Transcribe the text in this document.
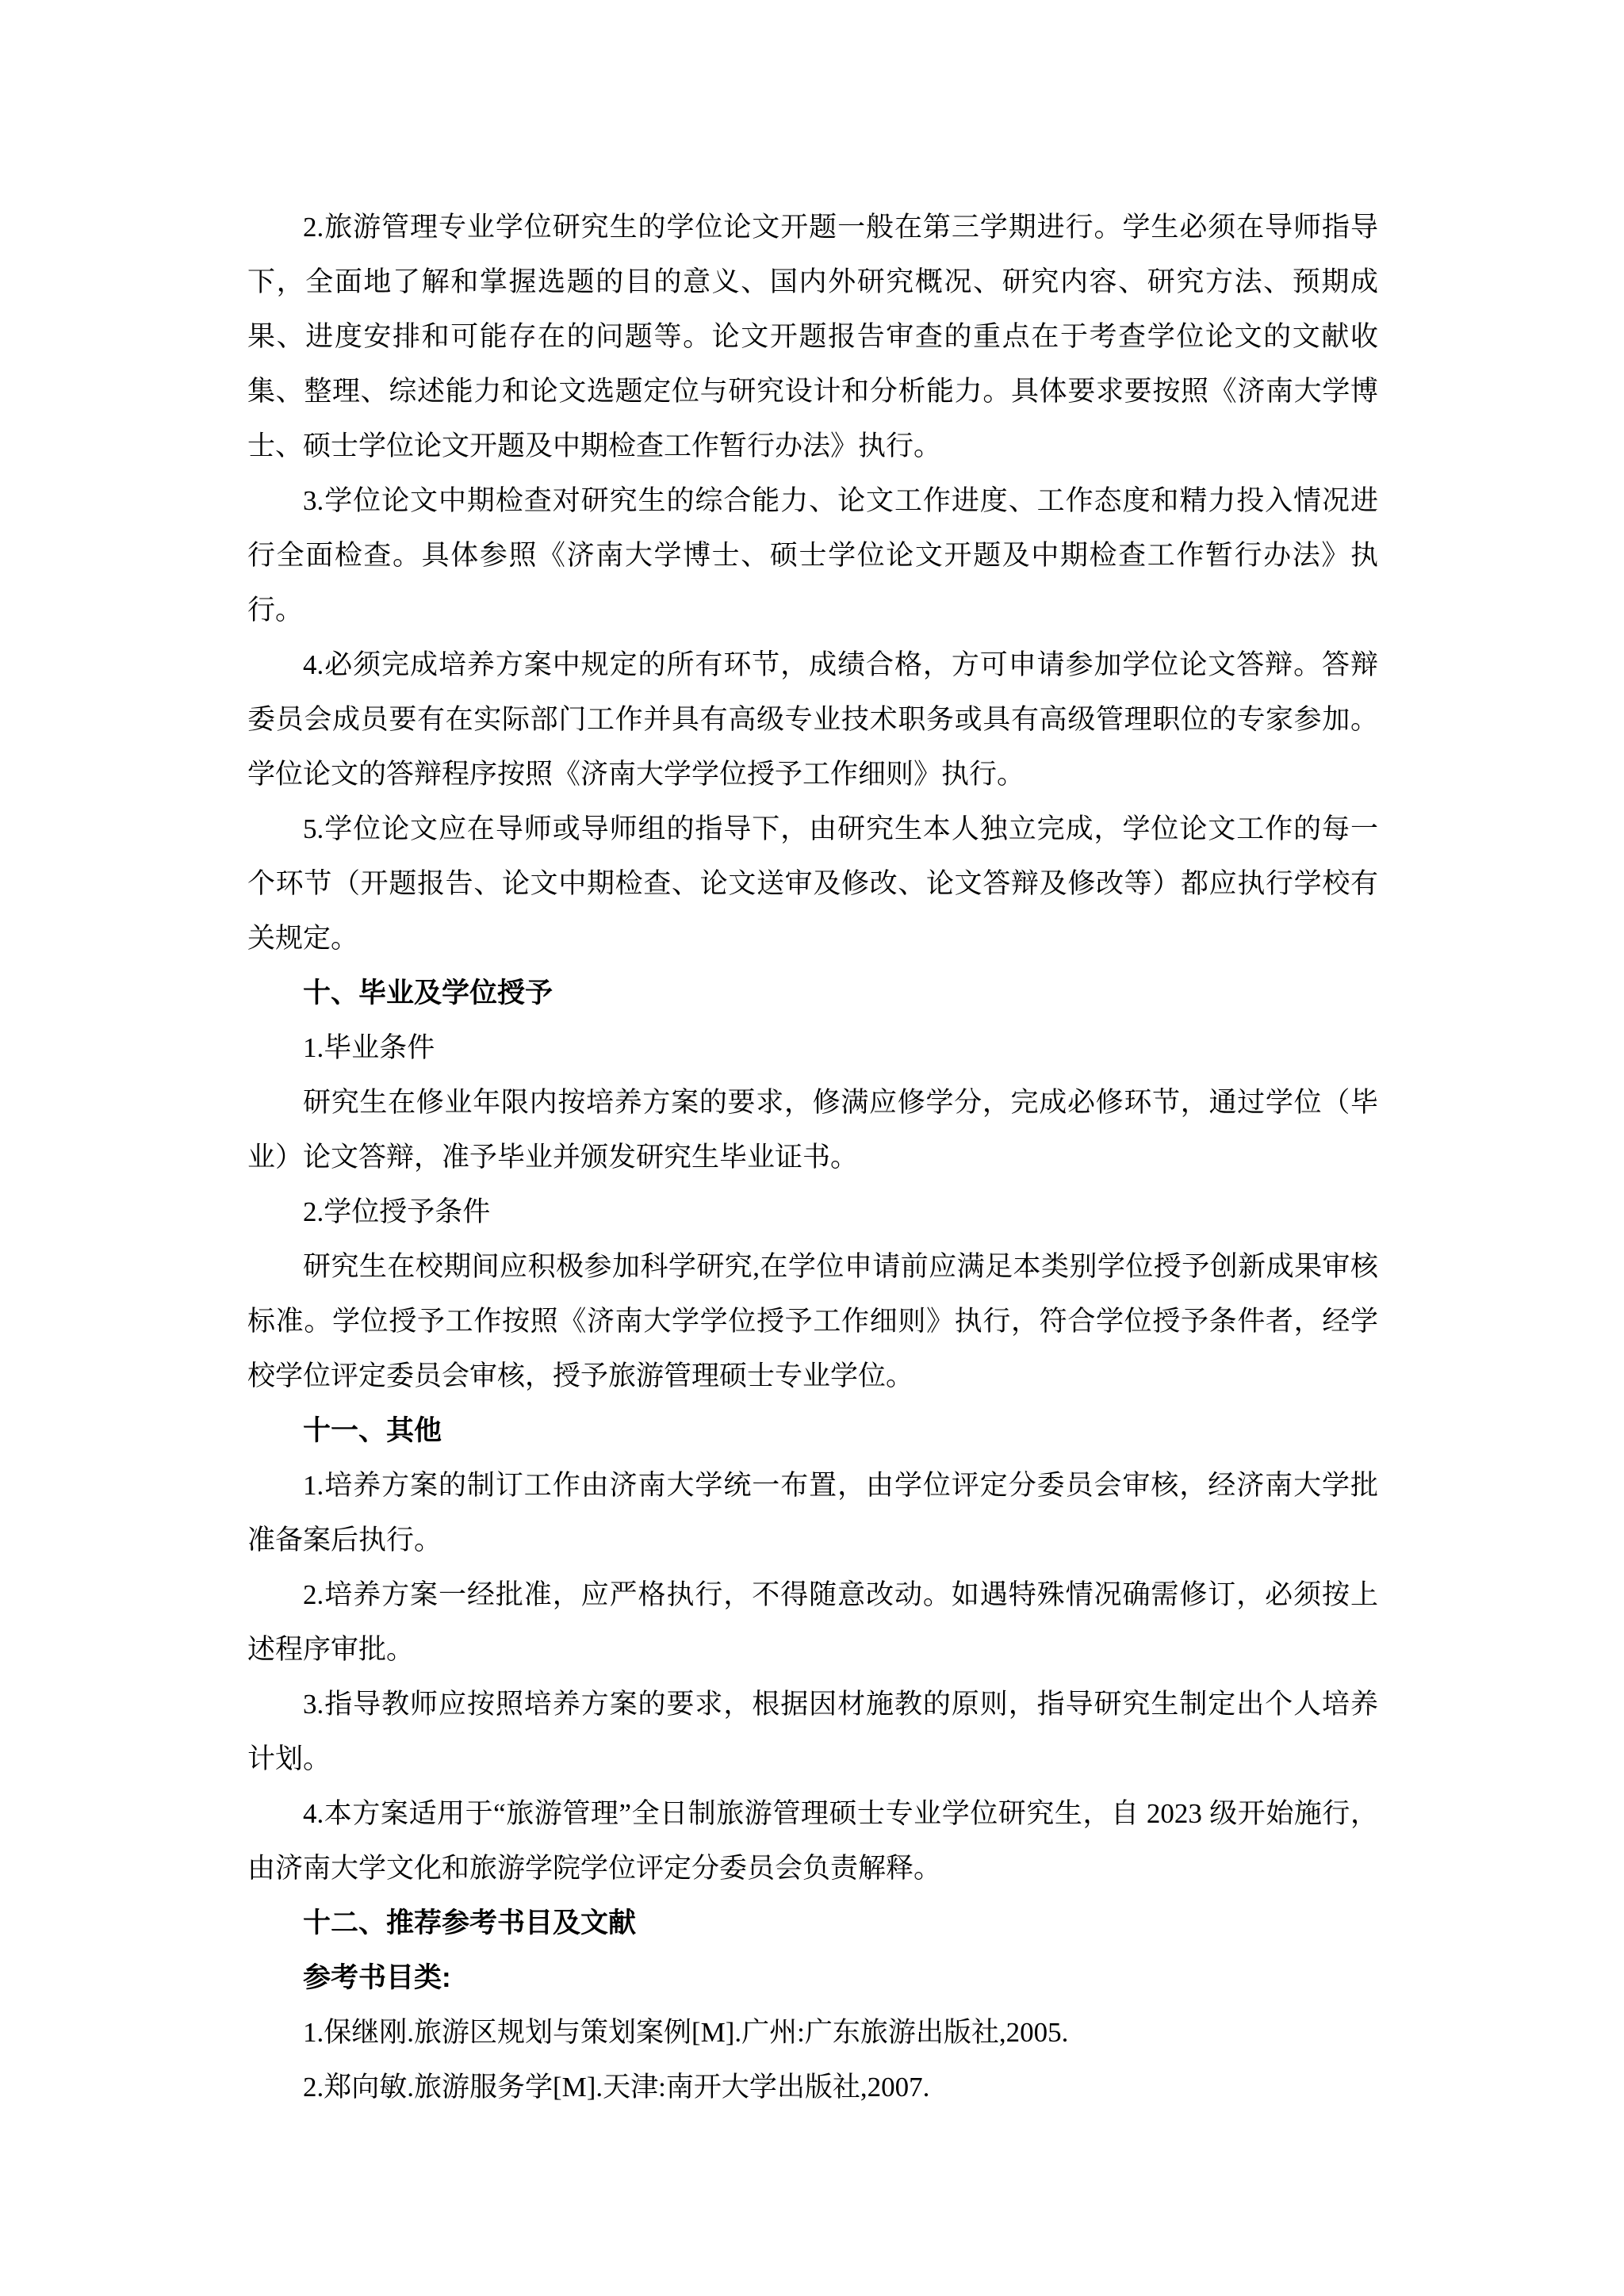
2.旅游管理专业学位研究生的学位论文开题一般在第三学期进行。学生必须在导师指导下，全面地了解和掌握选题的目的意义、国内外研究概况、研究内容、研究方法、预期成果、进度安排和可能存在的问题等。论文开题报告审查的重点在于考查学位论文的文献收集、整理、综述能力和论文选题定位与研究设计和分析能力。具体要求要按照《济南大学博士、硕士学位论文开题及中期检查工作暂行办法》执行。

3.学位论文中期检查对研究生的综合能力、论文工作进度、工作态度和精力投入情况进行全面检查。具体参照《济南大学博士、硕士学位论文开题及中期检查工作暂行办法》执行。

4.必须完成培养方案中规定的所有环节，成绩合格，方可申请参加学位论文答辩。答辩委员会成员要有在实际部门工作并具有高级专业技术职务或具有高级管理职位的专家参加。学位论文的答辩程序按照《济南大学学位授予工作细则》执行。

5.学位论文应在导师或导师组的指导下，由研究生本人独立完成，学位论文工作的每一个环节（开题报告、论文中期检查、论文送审及修改、论文答辩及修改等）都应执行学校有关规定。

十、毕业及学位授予

1.毕业条件

研究生在修业年限内按培养方案的要求，修满应修学分，完成必修环节，通过学位（毕业）论文答辩，准予毕业并颁发研究生毕业证书。

2.学位授予条件

研究生在校期间应积极参加科学研究,在学位申请前应满足本类别学位授予创新成果审核标准。学位授予工作按照《济南大学学位授予工作细则》执行，符合学位授予条件者，经学校学位评定委员会审核，授予旅游管理硕士专业学位。

十一、其他

1.培养方案的制订工作由济南大学统一布置，由学位评定分委员会审核，经济南大学批准备案后执行。

2.培养方案一经批准，应严格执行，不得随意改动。如遇特殊情况确需修订，必须按上述程序审批。

3.指导教师应按照培养方案的要求，根据因材施教的原则，指导研究生制定出个人培养计划。

4.本方案适用于“旅游管理”全日制旅游管理硕士专业学位研究生，自 2023 级开始施行，由济南大学文化和旅游学院学位评定分委员会负责解释。

十二、推荐参考书目及文献

参考书目类:

1.保继刚.旅游区规划与策划案例[M].广州:广东旅游出版社,2005.

2.郑向敏.旅游服务学[M].天津:南开大学出版社,2007.
